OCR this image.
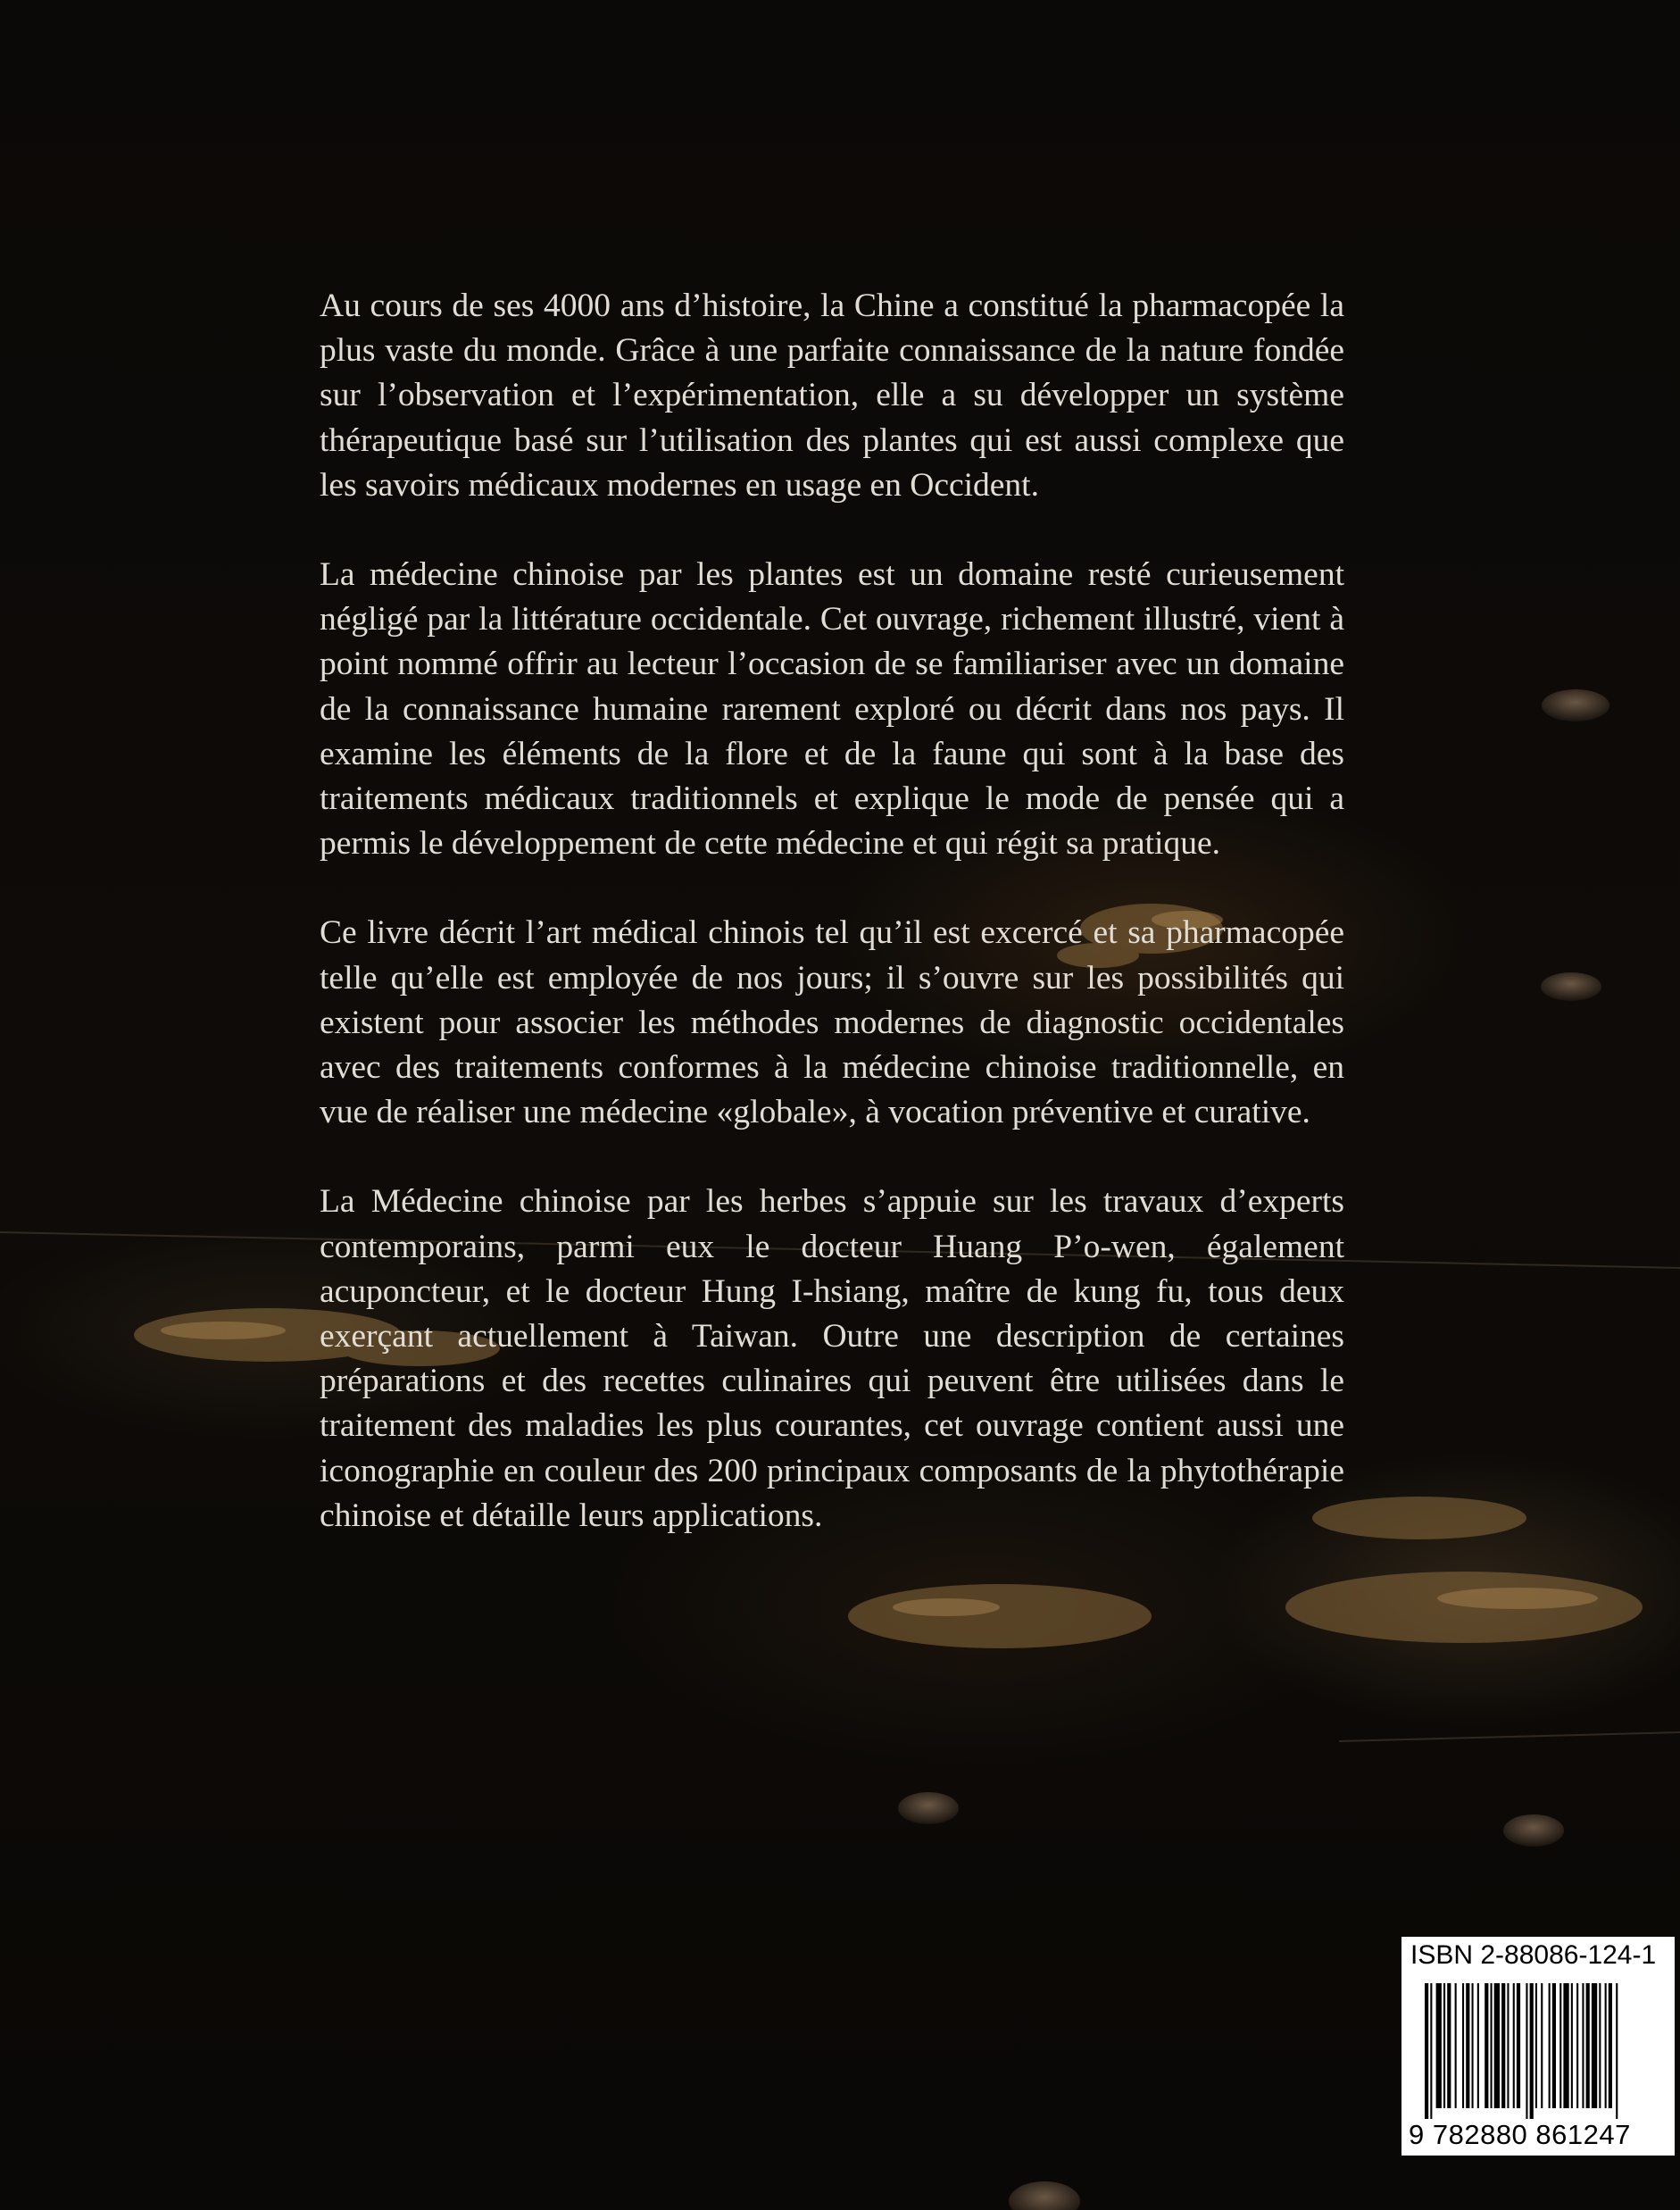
Au cours de ses 4000 ans d’histoire, la Chine a constitué la pharmacopée la plus vaste du monde. Grâce à une parfaite connaissance de la nature fondée sur l’observation et l’expérimentation, elle a su développer un système thérapeutique basé sur l’utilisation des plantes qui est aussi complexe que les savoirs médicaux modernes en usage en Occident.

La médecine chinoise par les plantes est un domaine resté curieusement négligé par la littérature occidentale. Cet ouvrage, richement illustré, vient à point nommé offrir au lecteur l’occasion de se familiariser avec un domaine de la connaissance humaine rarement exploré ou décrit dans nos pays. Il examine les éléments de la flore et de la faune qui sont à la base des traitements médicaux traditionnels et explique le mode de pensée qui a permis le développement de cette médecine et qui régit sa pratique.

Ce livre décrit l’art médical chinois tel qu’il est excercé et sa pharmacopée telle qu’elle est employée de nos jours; il s’ouvre sur les possibilités qui existent pour associer les méthodes modernes de diagnostic occidentales avec des traitements conformes à la médecine chinoise traditionnelle, en vue de réaliser une médecine «globale», à vocation préventive et curative.

La Médecine chinoise par les herbes s’appuie sur les travaux d’experts contemporains, parmi eux le docteur Huang P’o-wen, également acuponcteur, et le docteur Hung I-hsiang, maître de kung fu, tous deux exerçant actuellement à Taiwan. Outre une description de certaines préparations et des recettes culinaires qui peuvent être utilisées dans le traitement des maladies les plus courantes, cet ouvrage contient aussi une iconographie en couleur des 200 principaux composants de la phytothérapie chinoise et détaille leurs applications.

ISBN 2-88086-124-1
9 782880 861247
